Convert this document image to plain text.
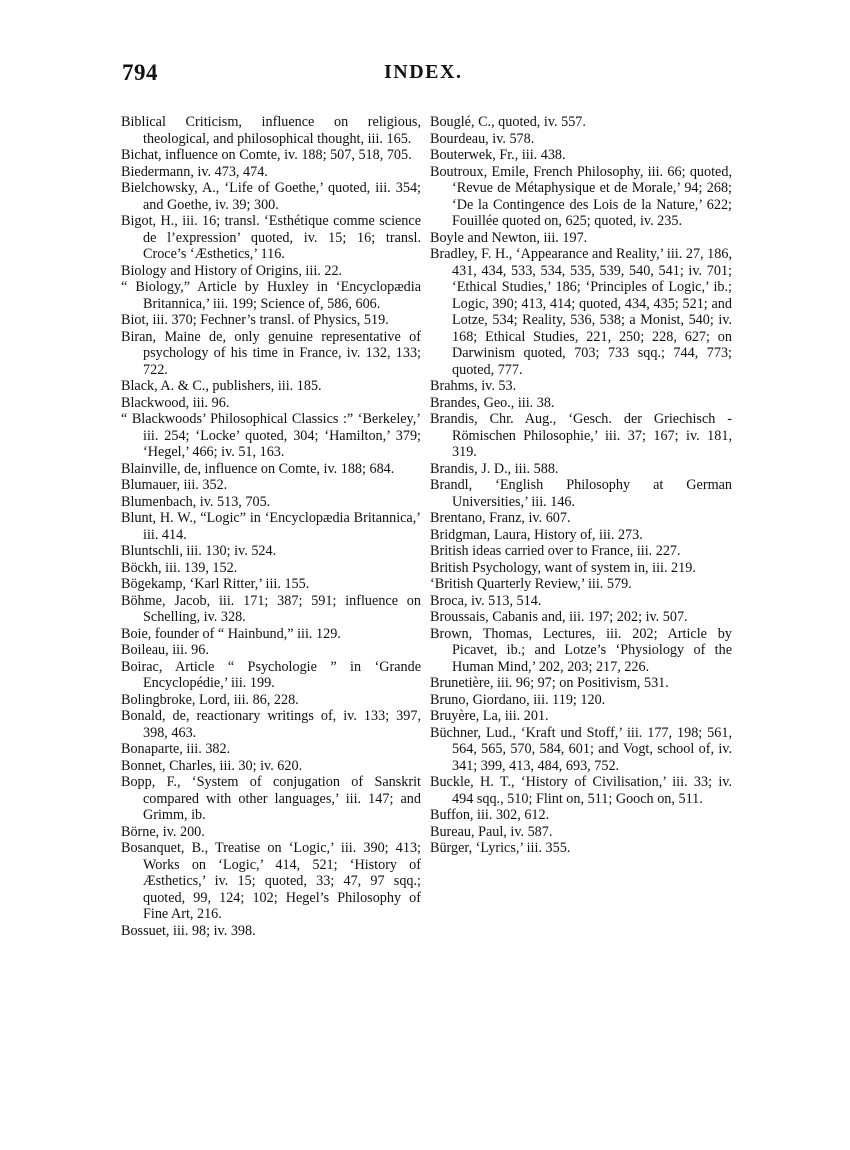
794	INDEX.

Biblical Criticism, influence on religious, theological, and philosophical thought, iii. 165.

Bichat, influence on Comte, iv. 188; 507, 518, 705.

Biedermann, iv. 473, 474.

Bielchowsky, A., ‘Life of Goethe,’ quoted, iii. 354; and Goethe, iv. 39; 300.

Bigot, H., iii. 16; transl. ‘Esthétique comme science de l’expression’ quoted, iv. 15; 16; transl. Croce’s ‘Æsthetics,’ 116.

Biology and History of Origins, iii. 22.

“ Biology,” Article by Huxley in ‘Encyclopædia Britannica,’ iii. 199; Science of, 586, 606.

Biot, iii. 370; Fechner’s transl. of Physics, 519.

Biran, Maine de, only genuine representative of psychology of his time in France, iv. 132, 133; 722.

Black, A. & C., publishers, iii. 185.

Blackwood, iii. 96.

“ Blackwoods’ Philosophical Classics :” ‘Berkeley,’ iii. 254; ‘Locke’ quoted, 304; ‘Hamilton,’ 379; ‘Hegel,’ 466; iv. 51, 163.

Blainville, de, influence on Comte, iv. 188; 684.

Blumauer, iii. 352.

Blumenbach, iv. 513, 705.

Blunt, H. W., “Logic” in ‘Encyclopædia Britannica,’ iii. 414.

Bluntschli, iii. 130; iv. 524.

Böckh, iii. 139, 152.

Bögekamp, ‘Karl Ritter,’ iii. 155.

Böhme, Jacob, iii. 171; 387; 591; influence on Schelling, iv. 328.

Boie, founder of “ Hainbund,” iii. 129.

Boileau, iii. 96.

Boirac, Article “ Psychologie ” in ‘Grande Encyclopédie,’ iii. 199.

Bolingbroke, Lord, iii. 86, 228.

Bonald, de, reactionary writings of, iv. 133; 397, 398, 463.

Bonaparte, iii. 382.

Bonnet, Charles, iii. 30; iv. 620.

Bopp, F., ‘System of conjugation of Sanskrit compared with other languages,’ iii. 147; and Grimm, ib.

Börne, iv. 200.

Bosanquet, B., Treatise on ‘Logic,’ iii. 390; 413; Works on ‘Logic,’ 414, 521; ‘History of Æsthetics,’ iv. 15; quoted, 33; 47, 97 sqq.; quoted, 99, 124; 102; Hegel’s Philosophy of Fine Art, 216.

Bossuet, iii. 98; iv. 398.

Bouglé, C., quoted, iv. 557.

Bourdeau, iv. 578.

Bouterwek, Fr., iii. 438.

Boutroux, Emile, French Philosophy, iii. 66; quoted, ‘Revue de Métaphysique et de Morale,’ 94; 268; ‘De la Contingence des Lois de la Nature,’ 622; Fouillée quoted on, 625; quoted, iv. 235.

Boyle and Newton, iii. 197.

Bradley, F. H., ‘Appearance and Reality,’ iii. 27, 186, 431, 434, 533, 534, 535, 539, 540, 541; iv. 701; ‘Ethical Studies,’ 186; ‘Principles of Logic,’ ib.; Logic, 390; 413, 414; quoted, 434, 435; 521; and Lotze, 534; Reality, 536, 538; a Monist, 540; iv. 168; Ethical Studies, 221, 250; 228, 627; on Darwinism quoted, 703; 733 sqq.; 744, 773; quoted, 777.

Brahms, iv. 53.

Brandes, Geo., iii. 38.

Brandis, Chr. Aug., ‘Gesch. der Griechisch - Römischen Philosophie,’ iii. 37; 167; iv. 181, 319.

Brandis, J. D., iii. 588.

Brandl, ‘English Philosophy at German Universities,’ iii. 146.

Brentano, Franz, iv. 607.

Bridgman, Laura, History of, iii. 273.

British ideas carried over to France, iii. 227.

British Psychology, want of system in, iii. 219.

‘British Quarterly Review,’ iii. 579.

Broca, iv. 513, 514.

Broussais, Cabanis and, iii. 197; 202; iv. 507.

Brown, Thomas, Lectures, iii. 202; Article by Picavet, ib.; and Lotze’s ‘Physiology of the Human Mind,’ 202, 203; 217, 226.

Brunetière, iii. 96; 97; on Positivism, 531.

Bruno, Giordano, iii. 119; 120.

Bruyère, La, iii. 201.

Büchner, Lud., ‘Kraft und Stoff,’ iii. 177, 198; 561, 564, 565, 570, 584, 601; and Vogt, school of, iv. 341; 399, 413, 484, 693, 752.

Buckle, H. T., ‘History of Civilisation,’ iii. 33; iv. 494 sqq., 510; Flint on, 511; Gooch on, 511.

Buffon, iii. 302, 612.

Bureau, Paul, iv. 587.

Bürger, ‘Lyrics,’ iii. 355.
